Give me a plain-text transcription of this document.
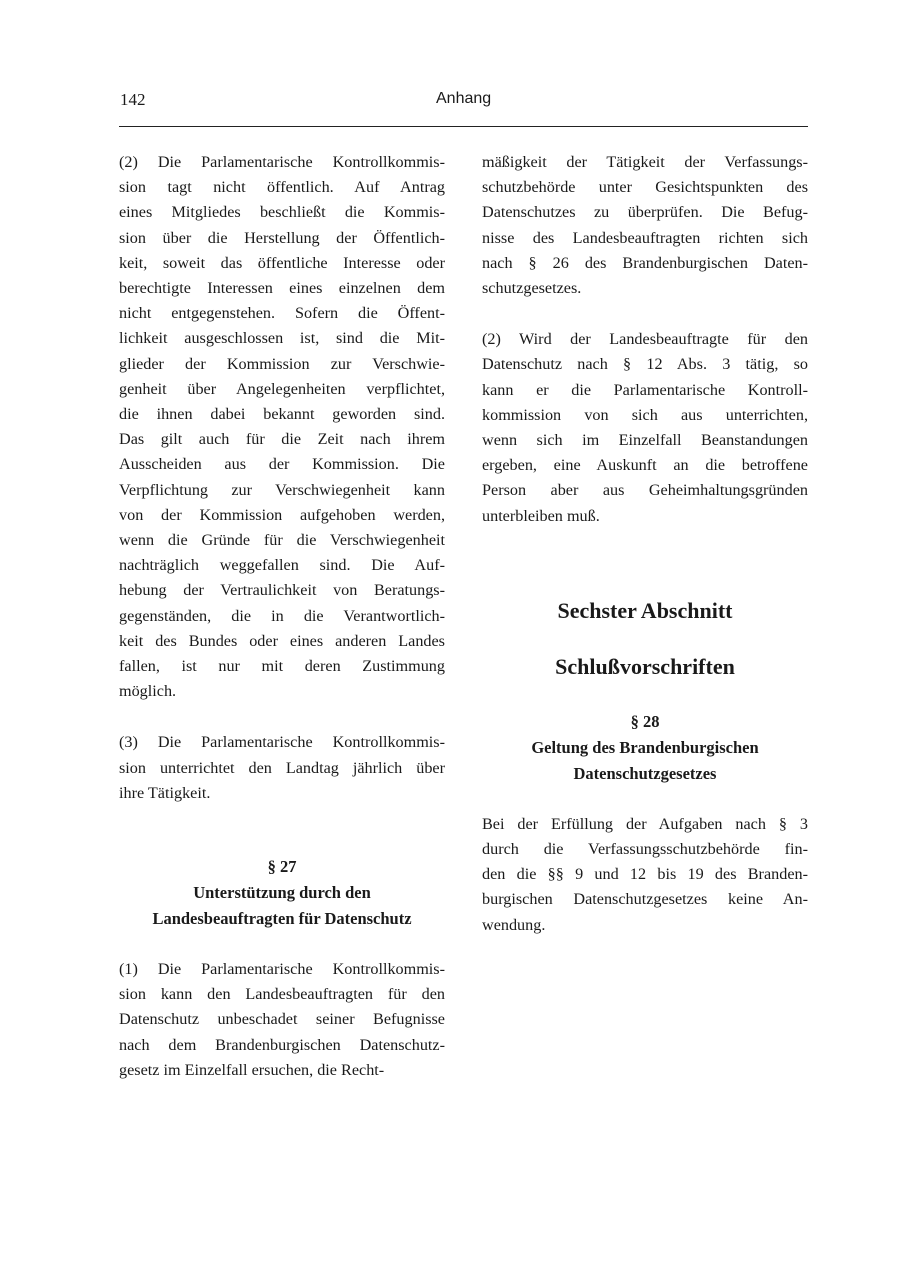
142	Anhang

(2) Die Parlamentarische Kontrollkommis-
sion tagt nicht öffentlich. Auf Antrag
eines Mitgliedes beschließt die Kommis-
sion über die Herstellung der Öffentlich-
keit, soweit das öffentliche Interesse oder
berechtigte Interessen eines einzelnen dem
nicht entgegenstehen. Sofern die Öffent-
lichkeit ausgeschlossen ist, sind die Mit-
glieder der Kommission zur Verschwie-
genheit über Angelegenheiten verpflichtet,
die ihnen dabei bekannt geworden sind.
Das gilt auch für die Zeit nach ihrem
Ausscheiden aus der Kommission. Die
Verpflichtung zur Verschwiegenheit kann
von der Kommission aufgehoben werden,
wenn die Gründe für die Verschwiegenheit
nachträglich weggefallen sind. Die Auf-
hebung der Vertraulichkeit von Beratungs-
gegenständen, die in die Verantwortlich-
keit des Bundes oder eines anderen Landes
fallen, ist nur mit deren Zustimmung
möglich.

(3) Die Parlamentarische Kontrollkommis-
sion unterrichtet den Landtag jährlich über
ihre Tätigkeit.

§ 27
Unterstützung durch den
Landesbeauftragten für Datenschutz

(1) Die Parlamentarische Kontrollkommis-
sion kann den Landesbeauftragten für den
Datenschutz unbeschadet seiner Befugnisse
nach dem Brandenburgischen Datenschutz-
gesetz im Einzelfall ersuchen, die Recht-

mäßigkeit der Tätigkeit der Verfassungs-
schutzbehörde unter Gesichtspunkten des
Datenschutzes zu überprüfen. Die Befug-
nisse des Landesbeauftragten richten sich
nach § 26 des Brandenburgischen Daten-
schutzgesetzes.

(2) Wird der Landesbeauftragte für den
Datenschutz nach § 12 Abs. 3 tätig, so
kann er die Parlamentarische Kontroll-
kommission von sich aus unterrichten,
wenn sich im Einzelfall Beanstandungen
ergeben, eine Auskunft an die betroffene
Person aber aus Geheimhaltungsgründen
unterbleiben muß.

Sechster Abschnitt
Schlußvorschriften
§ 28
Geltung des Brandenburgischen
Datenschutzgesetzes

Bei der Erfüllung der Aufgaben nach § 3
durch die Verfassungsschutzbehörde fin-
den die §§ 9 und 12 bis 19 des Branden-
burgischen Datenschutzgesetzes keine An-
wendung.
